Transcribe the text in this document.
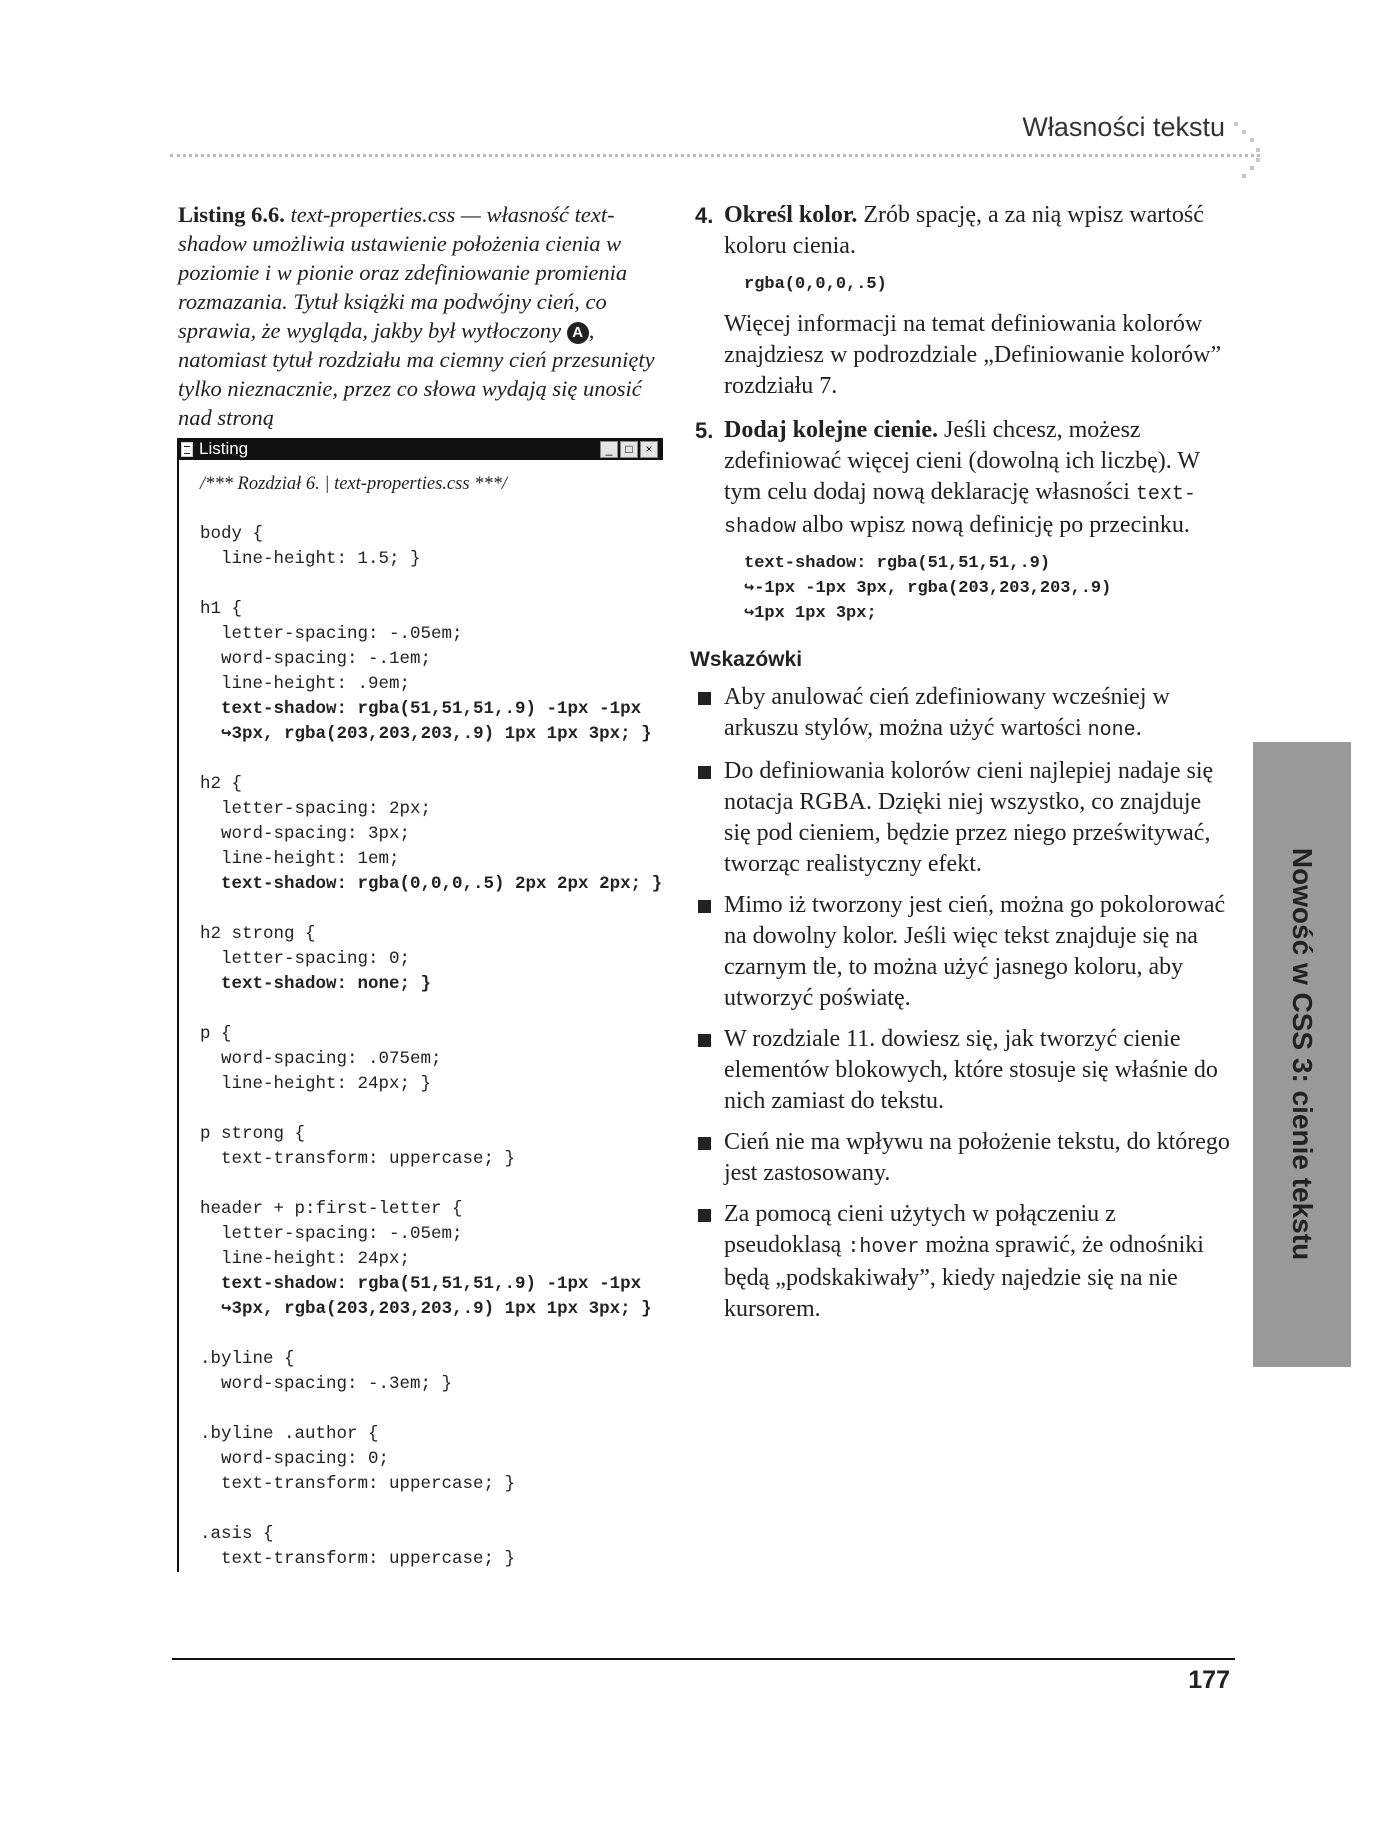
Własności tekstu
Listing 6.6. text-properties.css — własność text-shadow umożliwia ustawienie położenia cienia w poziomie i w pionie oraz zdefiniowanie promienia rozmazania. Tytuł książki ma podwójny cień, co sprawia, że wygląda, jakby był wytłoczony A , natomiast tytuł rozdziału ma ciemny cień przesunięty tylko nieznacznie, przez co słowa wydają się unosić nad stroną
Listing	_	□	×
/*** Rozdział 6. | text-properties.css ***/
body {
line-height: 1.5; }
h1 {
letter-spacing: -.05em;
word-spacing: -.1em;
line-height: .9em;
text-shadow: rgba(51,51,51,.9) -1px -1px
↪3px, rgba(203,203,203,.9) 1px 1px 3px; }
h2 {
letter-spacing: 2px;
word-spacing: 3px;
line-height: 1em;
text-shadow: rgba(0,0,0,.5) 2px 2px 2px; }
h2 strong {
letter-spacing: 0;
text-shadow: none; }
p {
word-spacing: .075em;
line-height: 24px; }
p strong {
text-transform: uppercase; }
header + p:first-letter {
letter-spacing: -.05em;
line-height: 24px;
text-shadow: rgba(51,51,51,.9) -1px -1px
↪3px, rgba(203,203,203,.9) 1px 1px 3px; }
.byline {
word-spacing: -.3em; }
.byline .author {
word-spacing: 0;
text-transform: uppercase; }
.asis {
text-transform: uppercase; }
4. Określ kolor. Zrób spację, a za nią wpisz wartość koloru cienia.
rgba(0,0,0,.5)
Więcej informacji na temat definiowania kolorów znajdziesz w podrozdziale „Definiowanie kolorów” rozdziału 7.
5. Dodaj kolejne cienie. Jeśli chcesz, możesz zdefiniować więcej cieni (dowolną ich liczbę). W tym celu dodaj nową deklarację własności text-shadow albo wpisz nową definicję po przecinku.
text-shadow: rgba(51,51,51,.9)
↪-1px -1px 3px, rgba(203,203,203,.9)
↪1px 1px 3px;
Wskazówki
Aby anulować cień zdefiniowany wcześniej w arkuszu stylów, można użyć wartości none.
Do definiowania kolorów cieni najlepiej nadaje się notacja RGBA. Dzięki niej wszystko, co znajduje się pod cieniem, będzie przez niego prześwitywać, tworząc realistyczny efekt.
Mimo iż tworzony jest cień, można go pokolorować na dowolny kolor. Jeśli więc tekst znajduje się na czarnym tle, to można użyć jasnego koloru, aby utworzyć poświatę.
W rozdziale 11. dowiesz się, jak tworzyć cienie elementów blokowych, które stosuje się właśnie do nich zamiast do tekstu.
Cień nie ma wpływu na położenie tekstu, do którego jest zastosowany.
Za pomocą cieni użytych w połączeniu z pseudoklasą :hover można sprawić, że odnośniki będą „podskakiwały”, kiedy najedzie się na nie kursorem.
Nowość w CSS 3: cienie tekstu
177
